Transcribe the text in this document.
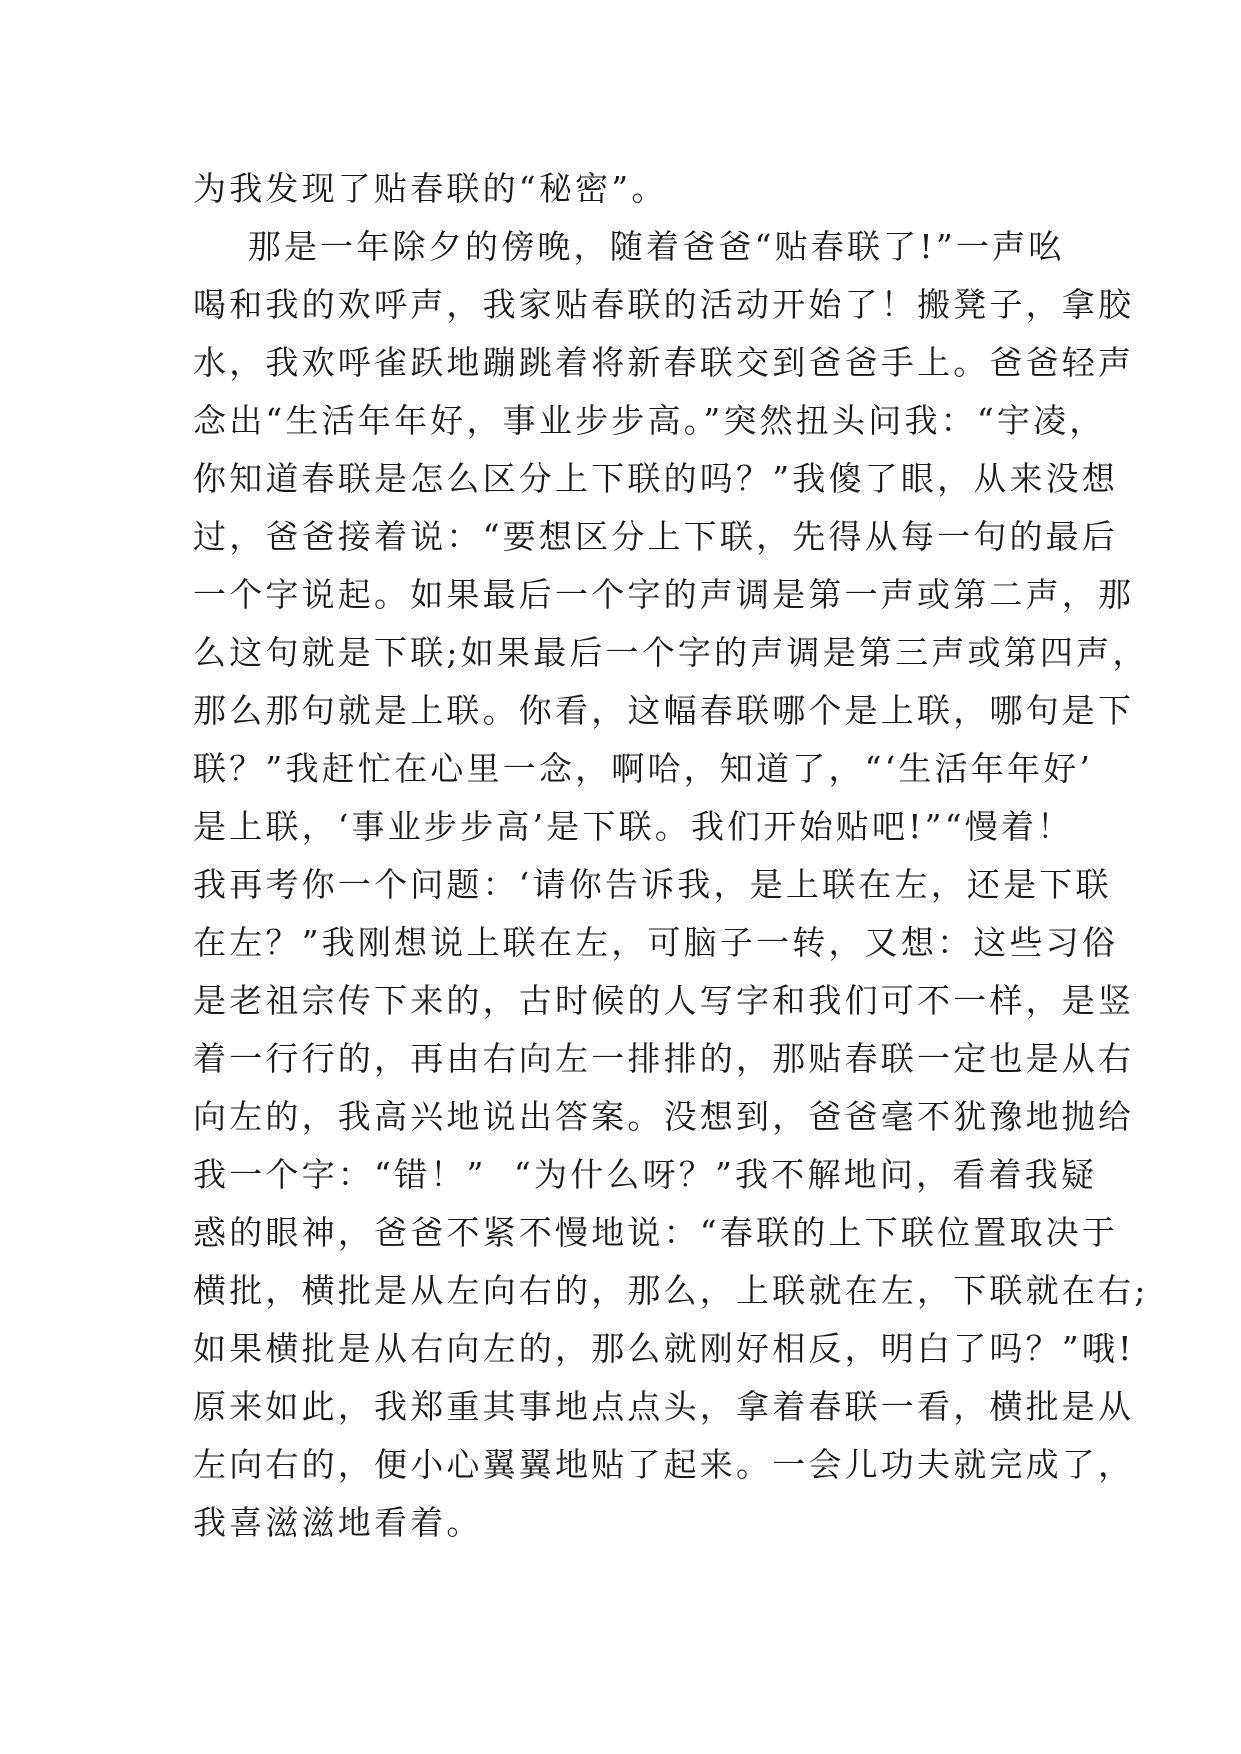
为我发现了贴春联的“秘密”。
那是一年除夕的傍晚，随着爸爸“贴春联了!”一声吆
喝和我的欢呼声，我家贴春联的活动开始了！搬凳子，拿胶
水，我欢呼雀跃地蹦跳着将新春联交到爸爸手上。爸爸轻声
念出“生活年年好，事业步步高。”突然扭头问我：“宇凌，
你知道春联是怎么区分上下联的吗？”我傻了眼，从来没想
过，爸爸接着说：“要想区分上下联，先得从每一句的最后
一个字说起。如果最后一个字的声调是第一声或第二声，那
么这句就是下联;如果最后一个字的声调是第三声或第四声，
那么那句就是上联。你看，这幅春联哪个是上联，哪句是下
联？”我赶忙在心里一念，啊哈，知道了，“‘生活年年好’
是上联，‘事业步步高’是下联。我们开始贴吧!”“慢着！
我再考你一个问题：‘请你告诉我，是上联在左，还是下联
在左？”我刚想说上联在左，可脑子一转，又想：这些习俗
是老祖宗传下来的，古时候的人写字和我们可不一样，是竖
着一行行的，再由右向左一排排的，那贴春联一定也是从右
向左的，我高兴地说出答案。没想到，爸爸毫不犹豫地抛给
我一个字：“错！”  “为什么呀？”我不解地问，看着我疑
惑的眼神，爸爸不紧不慢地说：“春联的上下联位置取决于
横批，横批是从左向右的，那么，上联就在左，下联就在右;
如果横批是从右向左的，那么就刚好相反，明白了吗？”哦!
原来如此，我郑重其事地点点头，拿着春联一看，横批是从
左向右的，便小心翼翼地贴了起来。一会儿功夫就完成了，
我喜滋滋地看着。
